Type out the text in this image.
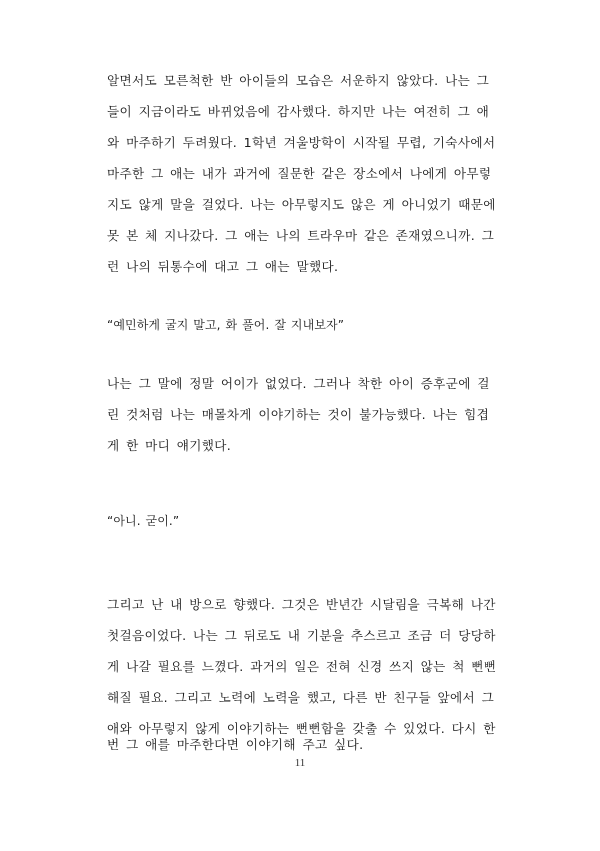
알면서도 모른척한 반 아이들의 모습은 서운하지 않았다. 나는 그
들이 지금이라도 바뀌었음에 감사했다. 하지만 나는 여전히 그 애
와 마주하기 두려웠다. 1학년 겨울방학이 시작될 무렵, 기숙사에서
마주한 그 애는 내가 과거에 질문한 같은 장소에서 나에게 아무렇
지도 않게 말을 걸었다. 나는 아무렇지도 않은 게 아니었기 때문에
못 본 체 지나갔다. 그 애는 나의 트라우마 같은 존재였으니까. 그
런 나의 뒤통수에 대고 그 애는 말했다.
“예민하게 굴지 말고, 화 풀어. 잘 지내보자”
나는 그 말에 정말 어이가 없었다. 그러나 착한 아이 증후군에 걸
린 것처럼 나는 매몰차게 이야기하는 것이 불가능했다. 나는 힘겹
게 한 마디 얘기했다.
“아니. 굳이.”
그리고 난 내 방으로 향했다. 그것은 반년간 시달림을 극복해 나간
첫걸음이었다. 나는 그 뒤로도 내 기분을 추스르고 조금 더 당당하
게 나갈 필요를 느꼈다. 과거의 일은 전혀 신경 쓰지 않는 척 뻔뻔
해질 필요. 그리고 노력에 노력을 했고, 다른 반 친구들 앞에서 그
애와 아무렇지 않게 이야기하는 뻔뻔함을 갖출 수 있었다. 다시 한
번 그 애를 마주한다면 이야기해 주고 싶다.
11
